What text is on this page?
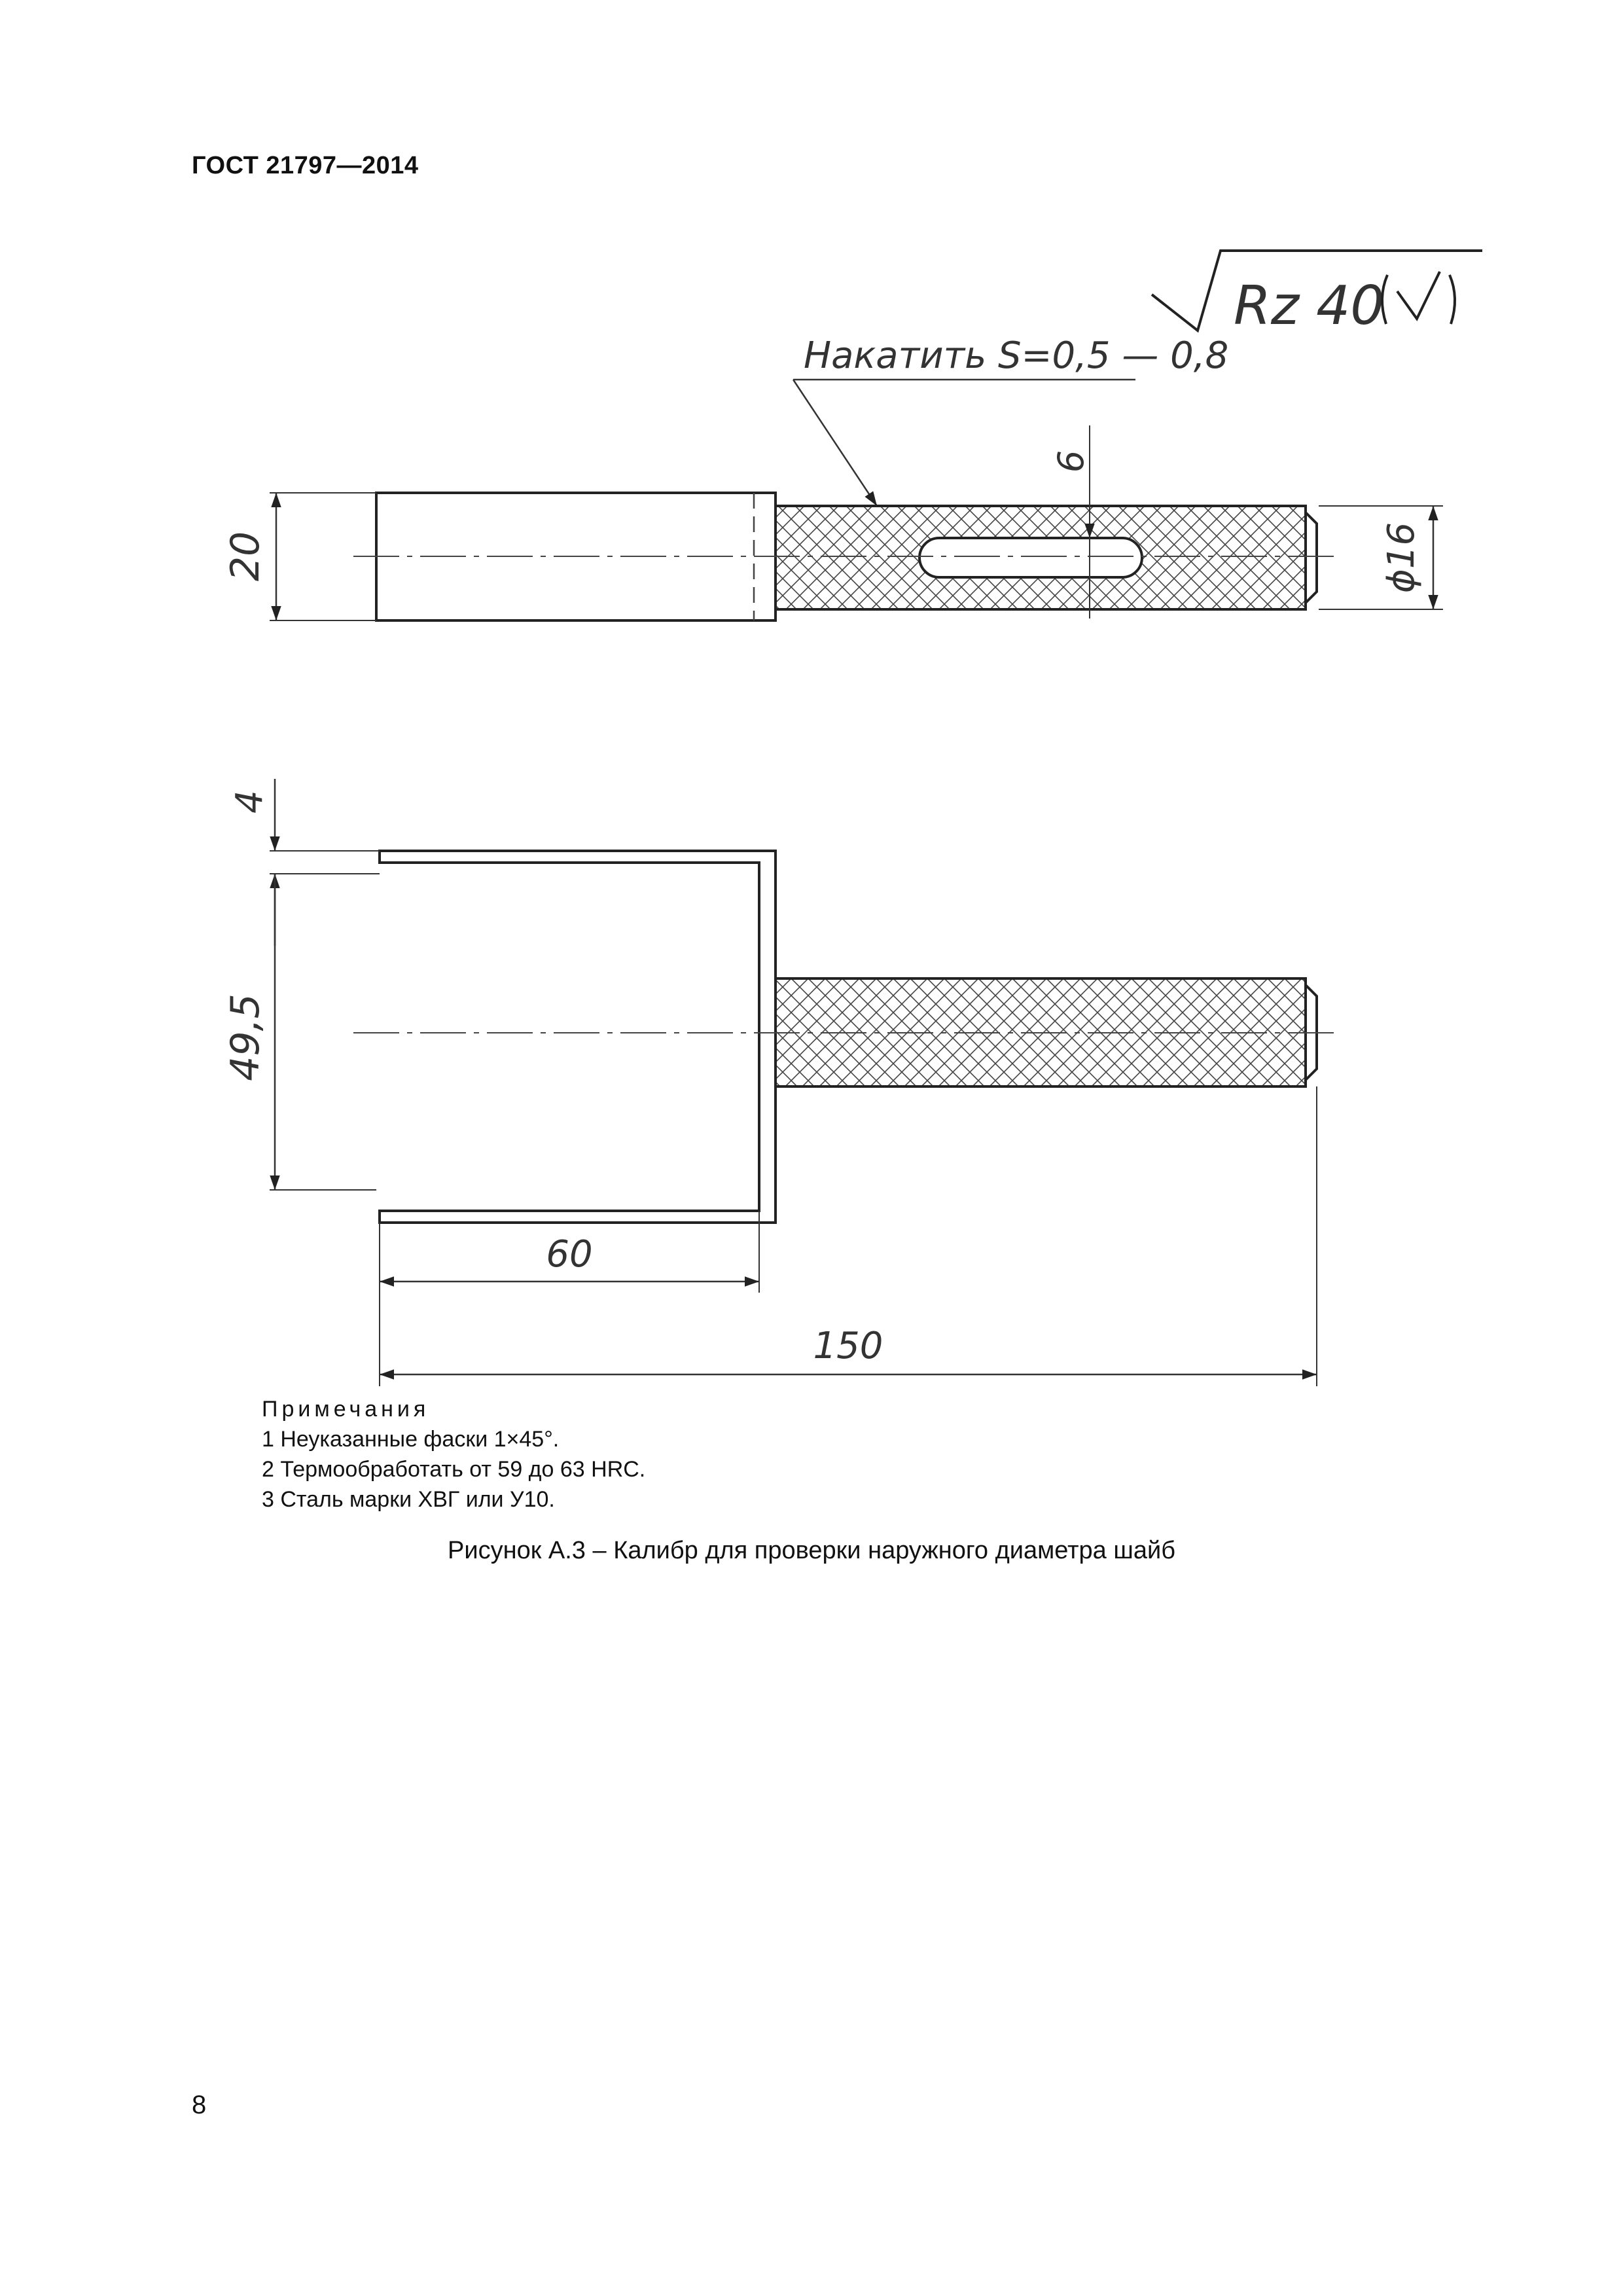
ГОСТ 21797—2014
Rz 40
Накатить S=0,5 — 0,8
6
20	ϕ16
4
49,5
60
150
Примечания
1 Неуказанные фаски 1×45°.
2 Термообработать от 59 до 63 HRC.
3 Сталь марки ХВГ или У10.
Рисунок А.3 – Калибр для проверки наружного диаметра шайб
8
